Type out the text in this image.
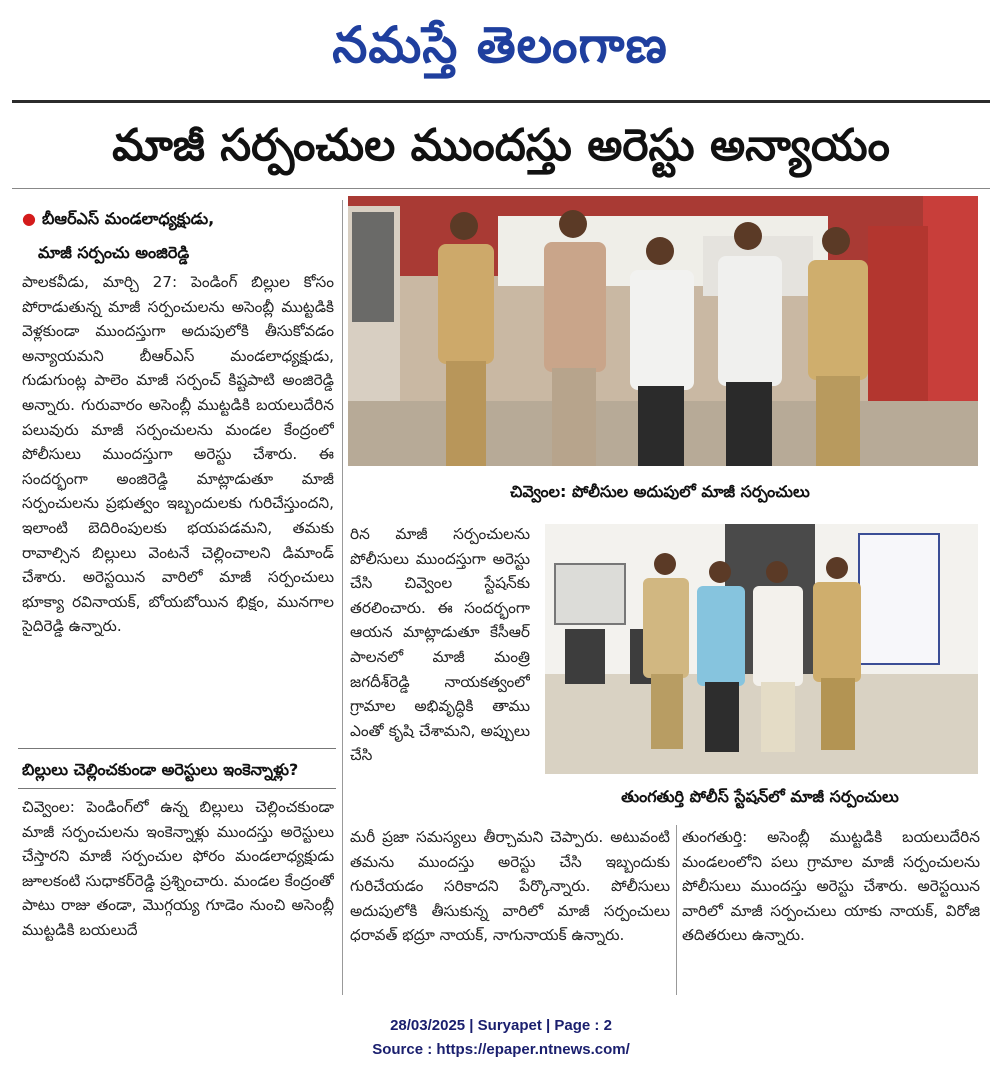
నమస్తే తెలంగాణ
మాజీ సర్పంచుల ముందస్తు అరెస్టు అన్యాయం
● బీఆర్ఎస్ మండలాధ్యక్షుడు,
మాజీ సర్పంచు అంజిరెడ్డి

పాలకవీడు, మార్చి 27: పెండింగ్ బిల్లుల కోసం పోరాడుతున్న మాజీ సర్పంచులను అసెంబ్లీ ముట్టడికి వెళ్లకుండా ముందస్తుగా అదుపులోకి తీసుకోవడం అన్యాయమని బీఆర్ఎస్ మండలాధ్యక్షుడు, గుడుగుంట్ల పాలెం మాజీ సర్పంచ్ కిష్టపాటి అంజిరెడ్డి అన్నారు. గురువారం అసెంబ్లీ ముట్టడికి బయలుదేరిన పలువురు మాజీ సర్పంచులను మండల కేంద్రంలో పోలీసులు ముందస్తుగా అరెస్టు చేశారు. ఈ సందర్భంగా అంజిరెడ్డి మాట్లాడుతూ మాజీ సర్పంచులను ప్రభుత్వం ఇబ్బందులకు గురిచేస్తుందని, ఇలాంటి బెదిరింపులకు భయపడమని, తమకు రావాల్సిన బిల్లులు వెంటనే చెల్లించాలని డిమాండ్ చేశారు. అరెస్టయిన వారిలో మాజీ సర్పంచులు భూక్యా రవినాయక్, బోయబోయిన భిక్షం, మునగాల సైదిరెడ్డి ఉన్నారు.

బిల్లులు చెల్లించకుండా అరెస్టులు ఇంకెన్నాళ్లు?

చివ్వెంల: పెండింగ్‌లో ఉన్న బిల్లులు చెల్లించకుండా మాజీ సర్పంచులను ఇంకెన్నాళ్లు ముందస్తు అరెస్టులు చేస్తారని మాజీ సర్పంచుల ఫోరం మండలాధ్యక్షుడు జూలకంటి సుధాకర్‌రెడ్డి ప్రశ్నించారు. మండల కేంద్రంతో పాటు రాజు తండా, మొగ్గయ్య గూడెం నుంచి అసెంబ్లీ ముట్టడికి బయలుదే

చివ్వెంల: పోలీసుల అదుపులో మాజీ సర్పంచులు

రిన మాజీ సర్పంచులను పోలీసులు ముందస్తుగా అరెస్టు చేసి చివ్వెంల స్టేషన్‌కు తరలించారు. ఈ సందర్భంగా ఆయన మాట్లాడుతూ కేసీఆర్ పాలనలో మాజీ మంత్రి జగదీశ్‌రెడ్డి నాయకత్వంలో గ్రామాల అభివృద్ధికి తాము ఎంతో కృషి చేశామని, అప్పులు చేసి

తుంగతుర్తి పోలీస్ స్టేషన్‌లో మాజీ సర్పంచులు

మరీ ప్రజా సమస్యలు తీర్చామని చెప్పారు. అటువంటి తమను ముందస్తు అరెస్టు చేసి ఇబ్బందుకు గురిచేయడం సరికాదని పేర్కొన్నారు. పోలీసులు అదుపులోకి తీసుకున్న వారిలో మాజీ సర్పంచులు ధరావత్ భద్రూ నాయక్, నాగునాయక్ ఉన్నారు.

తుంగతుర్తి: అసెంబ్లీ ముట్టడికి బయలుదేరిన మండలంలోని పలు గ్రామాల మాజీ సర్పంచులను పోలీసులు ముందస్తు అరెస్టు చేశారు. అరెస్టయిన వారిలో మాజీ సర్పంచులు యాకు నాయక్, విరోజి తదితరులు ఉన్నారు.

28/03/2025 | Suryapet | Page : 2
Source : https://epaper.ntnews.com/
